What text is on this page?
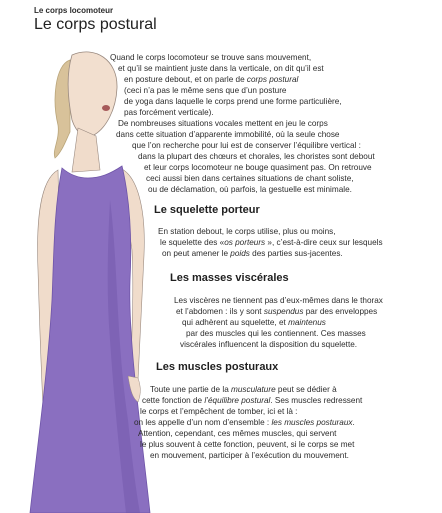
Le corps locomoteur
Le corps postural
Quand le corps locomoteur se trouve sans mouvement,
et qu’il se maintient juste dans la verticale, on dit qu’il est
en posture debout, et on parle de corps postural
(ceci n’a pas le même sens que d’un posture
de yoga dans laquelle le corps prend une forme particulière,
pas forcément verticale).
De nombreuses situations vocales mettent en jeu le corps
dans cette situation d’apparente immobilité, où la seule chose
que l’on recherche pour lui est de conserver l’équilibre vertical :
dans la plupart des chœurs et chorales, les choristes sont debout
et leur corps locomoteur ne bouge quasiment pas. On retrouve
ceci aussi bien dans certaines situations de chant soliste,
ou de déclamation, où parfois, la gestuelle est minimale.
Le squelette porteur
En station debout, le corps utilise, plus ou moins,
le squelette des «os porteurs », c’est-à-dire ceux sur lesquels
on peut amener le poids des parties sus-jacentes.
Les masses viscérales
Les viscères ne tiennent pas d’eux-mêmes dans le thorax
et l’abdomen : ils y sont suspendus par des enveloppes
qui adhèrent au squelette, et maintenus
par des muscles qui les contiennent. Ces masses
viscérales influencent la disposition du squelette.
Les muscles posturaux
Toute une partie de la musculature peut se dédier à
cette fonction de l’équilibre postural. Ses muscles redressent
le corps et l’empêchent de tomber, ici et là :
on les appelle d’un nom d’ensemble : les muscles posturaux.
Attention, cependant, ces mêmes muscles, qui servent
le plus souvent à cette fonction, peuvent, si le corps se met
en mouvement, participer à l’exécution du mouvement.
